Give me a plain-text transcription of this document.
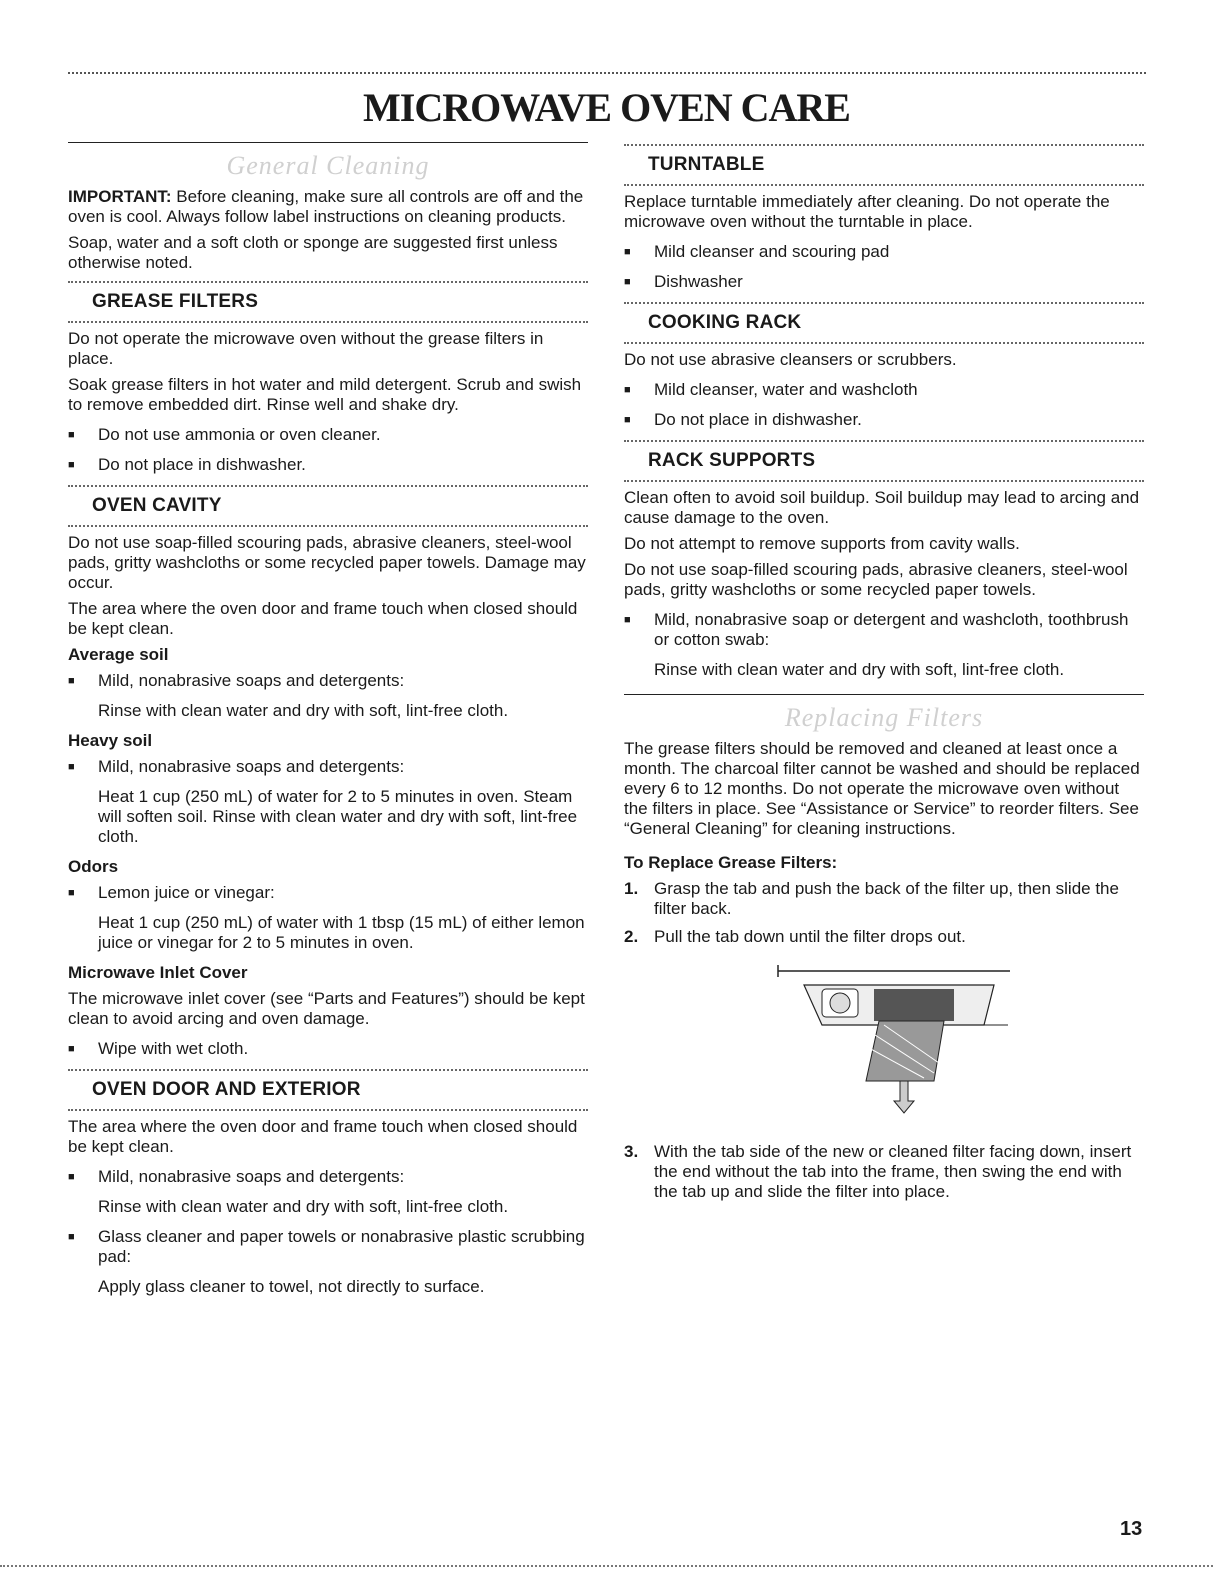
MICROWAVE OVEN CARE
General Cleaning

IMPORTANT: Before cleaning, make sure all controls are off and the oven is cool. Always follow label instructions on cleaning products.

Soap, water and a soft cloth or sponge are suggested first unless otherwise noted.

GREASE FILTERS

Do not operate the microwave oven without the grease filters in place.

Soak grease filters in hot water and mild detergent. Scrub and swish to remove embedded dirt. Rinse well and shake dry.

■	Do not use ammonia or oven cleaner.
■	Do not place in dishwasher.
OVEN CAVITY

Do not use soap-filled scouring pads, abrasive cleaners, steel-wool pads, gritty washcloths or some recycled paper towels. Damage may occur.

The area where the oven door and frame touch when closed should be kept clean.

Average soil
■	Mild, nonabrasive soaps and detergents:
Rinse with clean water and dry with soft, lint-free cloth.
Heavy soil
■	Mild, nonabrasive soaps and detergents:
Heat 1 cup (250 mL) of water for 2 to 5 minutes in oven. Steam will soften soil. Rinse with clean water and dry with soft, lint-free cloth.
Odors
■	Lemon juice or vinegar:
Heat 1 cup (250 mL) of water with 1 tbsp (15 mL) of either lemon juice or vinegar for 2 to 5 minutes in oven.
Microwave Inlet Cover

The microwave inlet cover (see “Parts and Features”) should be kept clean to avoid arcing and oven damage.

■	Wipe with wet cloth.
OVEN DOOR AND EXTERIOR

The area where the oven door and frame touch when closed should be kept clean.

■	Mild, nonabrasive soaps and detergents:
Rinse with clean water and dry with soft, lint-free cloth.
■	Glass cleaner and paper towels or nonabrasive plastic scrubbing pad:
Apply glass cleaner to towel, not directly to surface.
TURNTABLE

Replace turntable immediately after cleaning. Do not operate the microwave oven without the turntable in place.

■	Mild cleanser and scouring pad
■	Dishwasher
COOKING RACK

Do not use abrasive cleansers or scrubbers.

■	Mild cleanser, water and washcloth
■	Do not place in dishwasher.
RACK SUPPORTS

Clean often to avoid soil buildup. Soil buildup may lead to arcing and cause damage to the oven.

Do not attempt to remove supports from cavity walls.

Do not use soap-filled scouring pads, abrasive cleaners, steel-wool pads, gritty washcloths or some recycled paper towels.

■	Mild, nonabrasive soap or detergent and washcloth, toothbrush or cotton swab:
Rinse with clean water and dry with soft, lint-free cloth.
Replacing Filters

The grease filters should be removed and cleaned at least once a month. The charcoal filter cannot be washed and should be replaced every 6 to 12 months. Do not operate the microwave oven without the filters in place. See “Assistance or Service” to reorder filters. See “General Cleaning” for cleaning instructions.

To Replace Grease Filters:
1. Grasp the tab and push the back of the filter up, then slide the filter back.
2. Pull the tab down until the filter drops out.
3. With the tab side of the new or cleaned filter facing down, insert the end without the tab into the frame, then swing the end with the tab up and slide the filter into place.
13
